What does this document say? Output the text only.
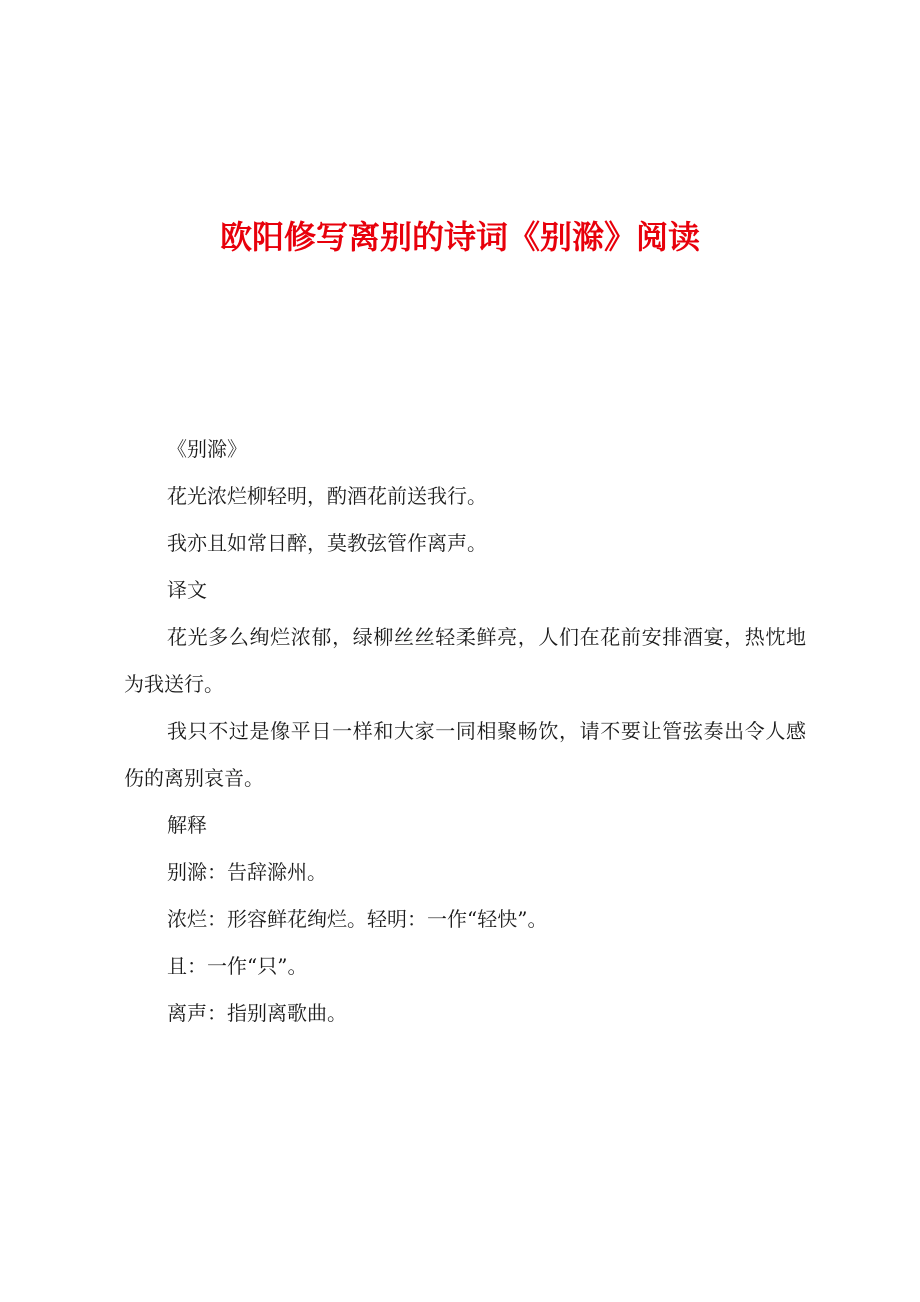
欧阳修写离别的诗词《别滁》阅读

《别滁》

花光浓烂柳轻明，酌酒花前送我行。

我亦且如常日醉，莫教弦管作离声。

译文

花光多么绚烂浓郁，绿柳丝丝轻柔鲜亮，人们在花前安排酒宴，热忱地为我送行。

我只不过是像平日一样和大家一同相聚畅饮，请不要让管弦奏出令人感伤的离别哀音。

解释

别滁：告辞滁州。

浓烂：形容鲜花绚烂。轻明：一作“轻快”。

且：一作“只”。

离声：指别离歌曲。
